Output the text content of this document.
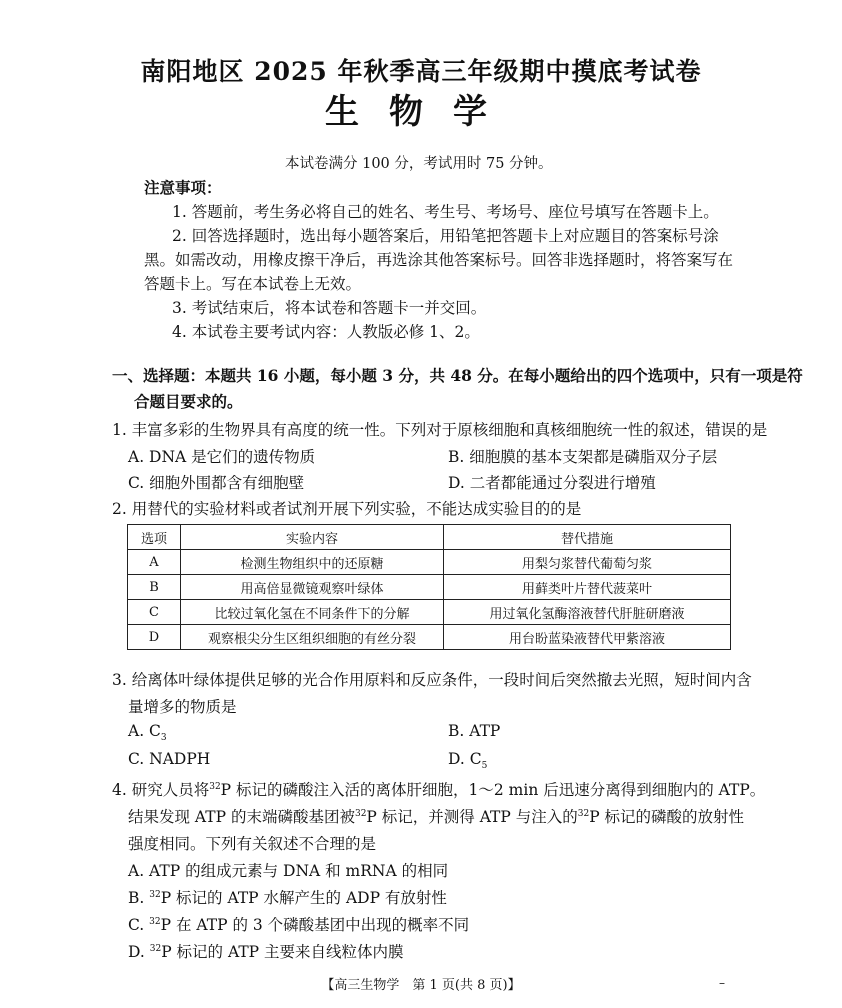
南阳地区 2025 年秋季高三年级期中摸底考试卷
生物学
本试卷满分 100 分，考试用时 75 分钟。
注意事项：
1. 答题前，考生务必将自己的姓名、考生号、考场号、座位号填写在答题卡上。
2. 回答选择题时，选出每小题答案后，用铅笔把答题卡上对应题目的答案标号涂
黑。如需改动，用橡皮擦干净后，再选涂其他答案标号。回答非选择题时，将答案写在
答题卡上。写在本试卷上无效。
3. 考试结束后，将本试卷和答题卡一并交回。
4. 本试卷主要考试内容：人教版必修 1、2。
一、选择题：本题共 16 小题，每小题 3 分，共 48 分。在每小题给出的四个选项中，只有一项是符
合题目要求的。
1. 丰富多彩的生物界具有高度的统一性。下列对于原核细胞和真核细胞统一性的叙述，错误的是
A. DNA 是它们的遗传物质	B. 细胞膜的基本支架都是磷脂双分子层
C. 细胞外围都含有细胞壁	D. 二者都能通过分裂进行增殖
2. 用替代的实验材料或者试剂开展下列实验，不能达成实验目的的是
选项	实验内容	替代措施
A	检测生物组织中的还原糖	用梨匀浆替代葡萄匀浆
B	用高倍显微镜观察叶绿体	用藓类叶片替代菠菜叶
C	比较过氧化氢在不同条件下的分解	用过氧化氢酶溶液替代肝脏研磨液
D	观察根尖分生区组织细胞的有丝分裂	用台盼蓝染液替代甲紫溶液
3. 给离体叶绿体提供足够的光合作用原料和反应条件，一段时间后突然撤去光照，短时间内含
量增多的物质是
A. $C_3$	B. ATP
C. NADPH	D. $C_5$
4. 研究人员将$^{32}$P 标记的磷酸注入活的离体肝细胞，1～2 min 后迅速分离得到细胞内的 ATP。
结果发现 ATP 的末端磷酸基团被$^{32}$P 标记，并测得 ATP 与注入的$^{32}$P 标记的磷酸的放射性
强度相同。下列有关叙述不合理的是
A. ATP 的组成元素与 DNA 和 mRNA 的相同
B. $^{32}$P 标记的 ATP 水解产生的 ADP 有放射性
C. $^{32}$P 在 ATP 的 3 个磷酸基团中出现的概率不同
D. $^{32}$P 标记的 ATP 主要来自线粒体内膜
【高三生物学　第 1 页(共 8 页)】	–
